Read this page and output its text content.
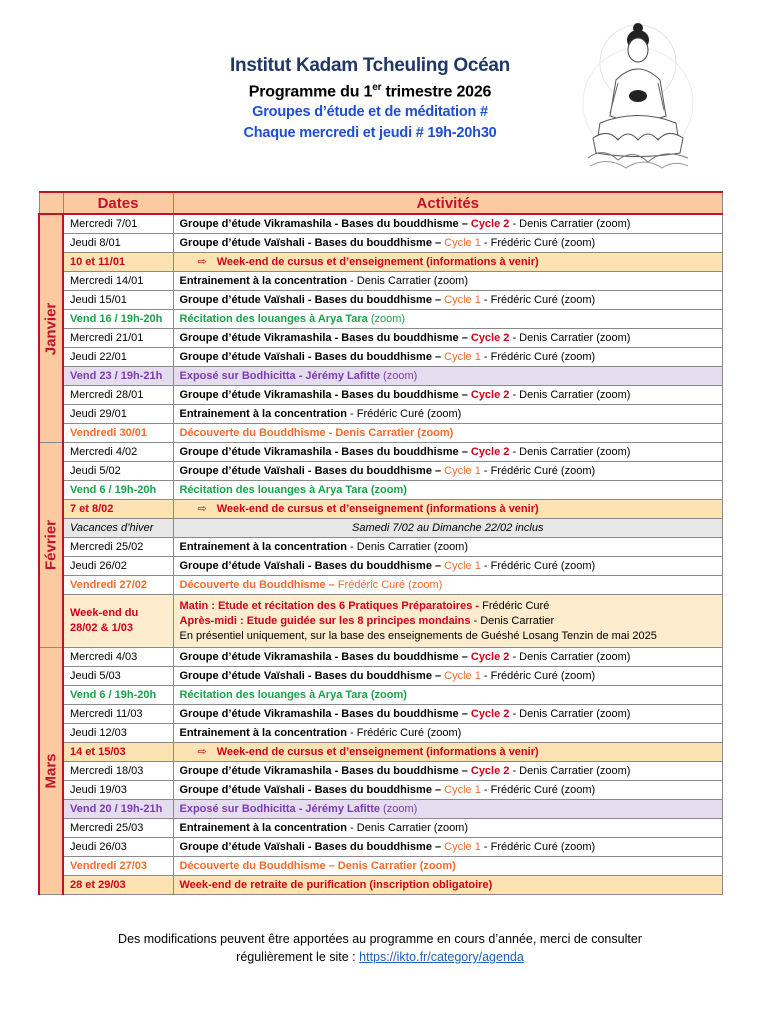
Institut Kadam Tcheuling Océan
Programme du 1er trimestre 2026
Groupes d’étude et de méditation #
Chaque mercredi et jeudi # 19h-20h30
	Dates	Activités

Janvier	Mercredi 7/01	Groupe d’étude Vikramashila - Bases du bouddhisme – Cycle 2 - Denis Carratier (zoom)
	Jeudi 8/01	Groupe d’étude Vaïshali - Bases du bouddhisme – Cycle 1 - Frédéric Curé (zoom)
	10 et 11/01	⇨ Week-end de cursus et d’enseignement (informations à venir)
	Mercredi 14/01	Entrainement à la concentration - Denis Carratier (zoom)
	Jeudi 15/01	Groupe d’étude Vaïshali - Bases du bouddhisme – Cycle 1 - Frédéric Curé (zoom)
	Vend 16 / 19h-20h	Récitation des louanges à Arya Tara (zoom)
	Mercredi 21/01	Groupe d’étude Vikramashila - Bases du bouddhisme – Cycle 2 - Denis Carratier (zoom)
	Jeudi 22/01	Groupe d’étude Vaïshali - Bases du bouddhisme – Cycle 1 - Frédéric Curé (zoom)
	Vend 23 / 19h-21h	Exposé sur Bodhicitta - Jérémy Lafitte (zoom)
	Mercredi 28/01	Groupe d’étude Vikramashila - Bases du bouddhisme – Cycle 2 - Denis Carratier (zoom)
	Jeudi 29/01	Entrainement à la concentration - Frédéric Curé (zoom)
	Vendredi 30/01	Découverte du Bouddhisme - Denis Carratier (zoom)

Février	Mercredi 4/02	Groupe d’étude Vikramashila - Bases du bouddhisme – Cycle 2 - Denis Carratier (zoom)
	Jeudi 5/02	Groupe d’étude Vaïshali - Bases du bouddhisme – Cycle 1 - Frédéric Curé (zoom)
	Vend 6 / 19h-20h	Récitation des louanges à Arya Tara (zoom)
	7 et 8/02	⇨ Week-end de cursus et d’enseignement (informations à venir)
	Vacances d’hiver	Samedi 7/02 au Dimanche 22/02 inclus
	Mercredi 25/02	Entrainement à la concentration - Denis Carratier (zoom)
	Jeudi 26/02	Groupe d’étude Vaïshali - Bases du bouddhisme – Cycle 1 - Frédéric Curé (zoom)
	Vendredi 27/02	Découverte du Bouddhisme – Frédéric Curé (zoom)
	Week-end du 28/02 & 1/03	Matin : Etude et récitation des 6 Pratiques Préparatoires - Frédéric Curé
Après-midi : Etude guidée sur les 8 principes mondains - Denis Carratier
En présentiel uniquement, sur la base des enseignements de Guéshé Losang Tenzin de mai 2025

Mars	Mercredi 4/03	Groupe d’étude Vikramashila - Bases du bouddhisme – Cycle 2 - Denis Carratier (zoom)
	Jeudi 5/03	Groupe d’étude Vaïshali - Bases du bouddhisme – Cycle 1 - Frédéric Curé (zoom)
	Vend 6 / 19h-20h	Récitation des louanges à Arya Tara (zoom)
	Mercredi 11/03	Groupe d’étude Vikramashila - Bases du bouddhisme – Cycle 2 - Denis Carratier (zoom)
	Jeudi 12/03	Entrainement à la concentration - Frédéric Curé (zoom)
	14 et 15/03	⇨ Week-end de cursus et d’enseignement (informations à venir)
	Mercredi 18/03	Groupe d’étude Vikramashila - Bases du bouddhisme – Cycle 2 - Denis Carratier (zoom)
	Jeudi 19/03	Groupe d’étude Vaïshali - Bases du bouddhisme – Cycle 1 - Frédéric Curé (zoom)
	Vend 20 / 19h-21h	Exposé sur Bodhicitta - Jérémy Lafitte (zoom)
	Mercredi 25/03	Entrainement à la concentration - Denis Carratier (zoom)
	Jeudi 26/03	Groupe d’étude Vaïshali - Bases du bouddhisme – Cycle 1 - Frédéric Curé (zoom)
	Vendredi 27/03	Découverte du Bouddhisme – Denis Carratier (zoom)
	28 et 29/03	Week-end de retraite de purification (inscription obligatoire)
Des modifications peuvent être apportées au programme en cours d’année, merci de consulter
régulièrement le site : https://ikto.fr/category/agenda
